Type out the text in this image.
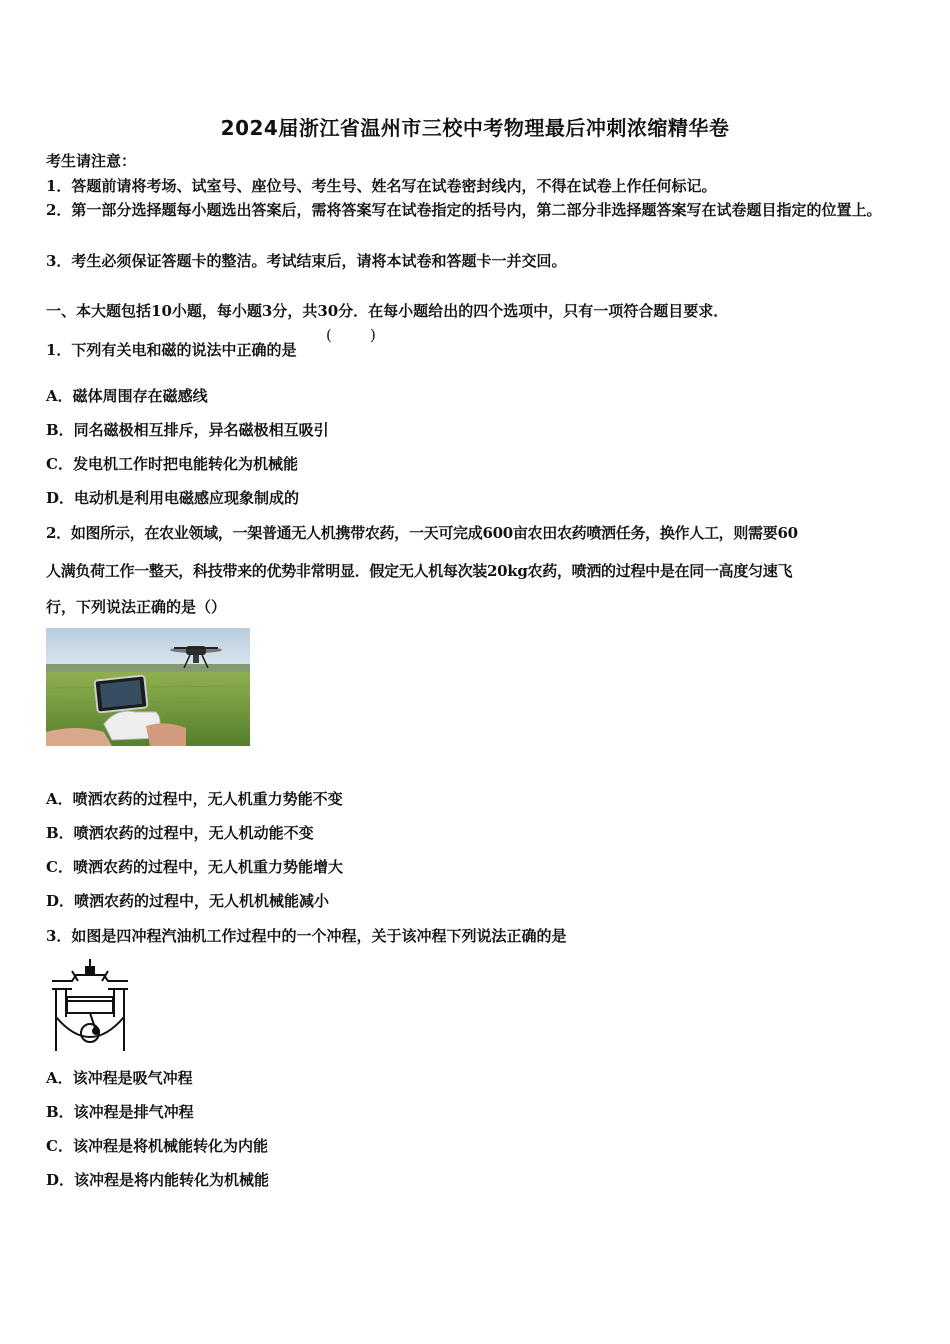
2024届浙江省温州市三校中考物理最后冲刺浓缩精华卷
考生请注意：
1．答题前请将考场、试室号、座位号、考生号、姓名写在试卷密封线内，不得在试卷上作任何标记。
2．第一部分选择题每小题选出答案后，需将答案写在试卷指定的括号内，第二部分非选择题答案写在试卷题目指定的位置上。
3．考生必须保证答题卡的整洁。考试结束后，请将本试卷和答题卡一并交回。
一、本大题包括10小题，每小题3分，共30分．在每小题给出的四个选项中，只有一项符合题目要求．
1．下列有关电和磁的说法中正确的是
(        )
A．磁体周围存在磁感线
B．同名磁极相互排斥，异名磁极相互吸引
C．发电机工作时把电能转化为机械能
D．电动机是利用电磁感应现象制成的
2．如图所示，在农业领域，一架普通无人机携带农药，一天可完成600亩农田农药喷洒任务，换作人工，则需要60
人满负荷工作一整天，科技带来的优势非常明显．假定无人机每次装20kg农药，喷洒的过程中是在同一高度匀速飞
行，下列说法正确的是（）
A．喷洒农药的过程中，无人机重力势能不变
B．喷洒农药的过程中，无人机动能不变
C．喷洒农药的过程中，无人机重力势能增大
D．喷洒农药的过程中，无人机机械能减小
3．如图是四冲程汽油机工作过程中的一个冲程，关于该冲程下列说法正确的是
A．该冲程是吸气冲程
B．该冲程是排气冲程
C．该冲程是将机械能转化为内能
D．该冲程是将内能转化为机械能
